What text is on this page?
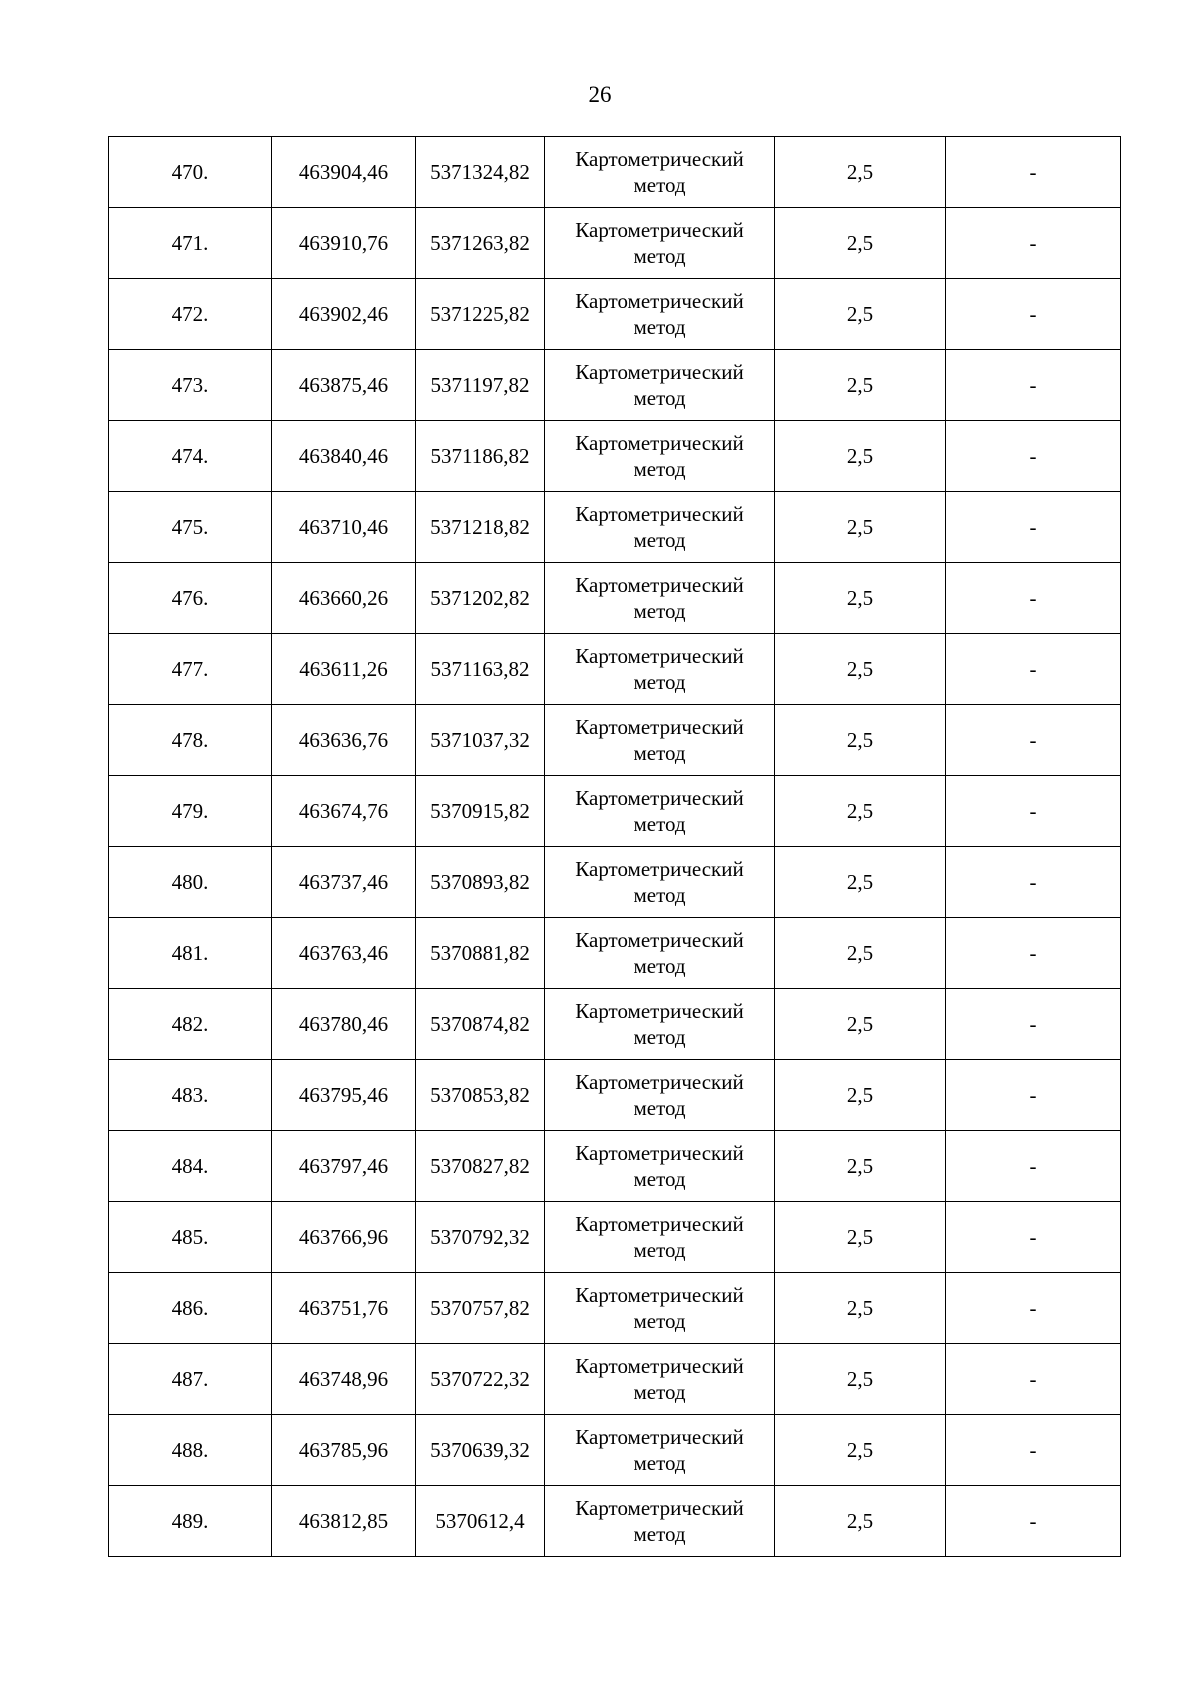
26
470.	463904,46	5371324,82	Картометрический
метод	2,5	-
471.	463910,76	5371263,82	Картометрический
метод	2,5	-
472.	463902,46	5371225,82	Картометрический
метод	2,5	-
473.	463875,46	5371197,82	Картометрический
метод	2,5	-
474.	463840,46	5371186,82	Картометрический
метод	2,5	-
475.	463710,46	5371218,82	Картометрический
метод	2,5	-
476.	463660,26	5371202,82	Картометрический
метод	2,5	-
477.	463611,26	5371163,82	Картометрический
метод	2,5	-
478.	463636,76	5371037,32	Картометрический
метод	2,5	-
479.	463674,76	5370915,82	Картометрический
метод	2,5	-
480.	463737,46	5370893,82	Картометрический
метод	2,5	-
481.	463763,46	5370881,82	Картометрический
метод	2,5	-
482.	463780,46	5370874,82	Картометрический
метод	2,5	-
483.	463795,46	5370853,82	Картометрический
метод	2,5	-
484.	463797,46	5370827,82	Картометрический
метод	2,5	-
485.	463766,96	5370792,32	Картометрический
метод	2,5	-
486.	463751,76	5370757,82	Картометрический
метод	2,5	-
487.	463748,96	5370722,32	Картометрический
метод	2,5	-
488.	463785,96	5370639,32	Картометрический
метод	2,5	-
489.	463812,85	5370612,4	Картометрический
метод	2,5	-
